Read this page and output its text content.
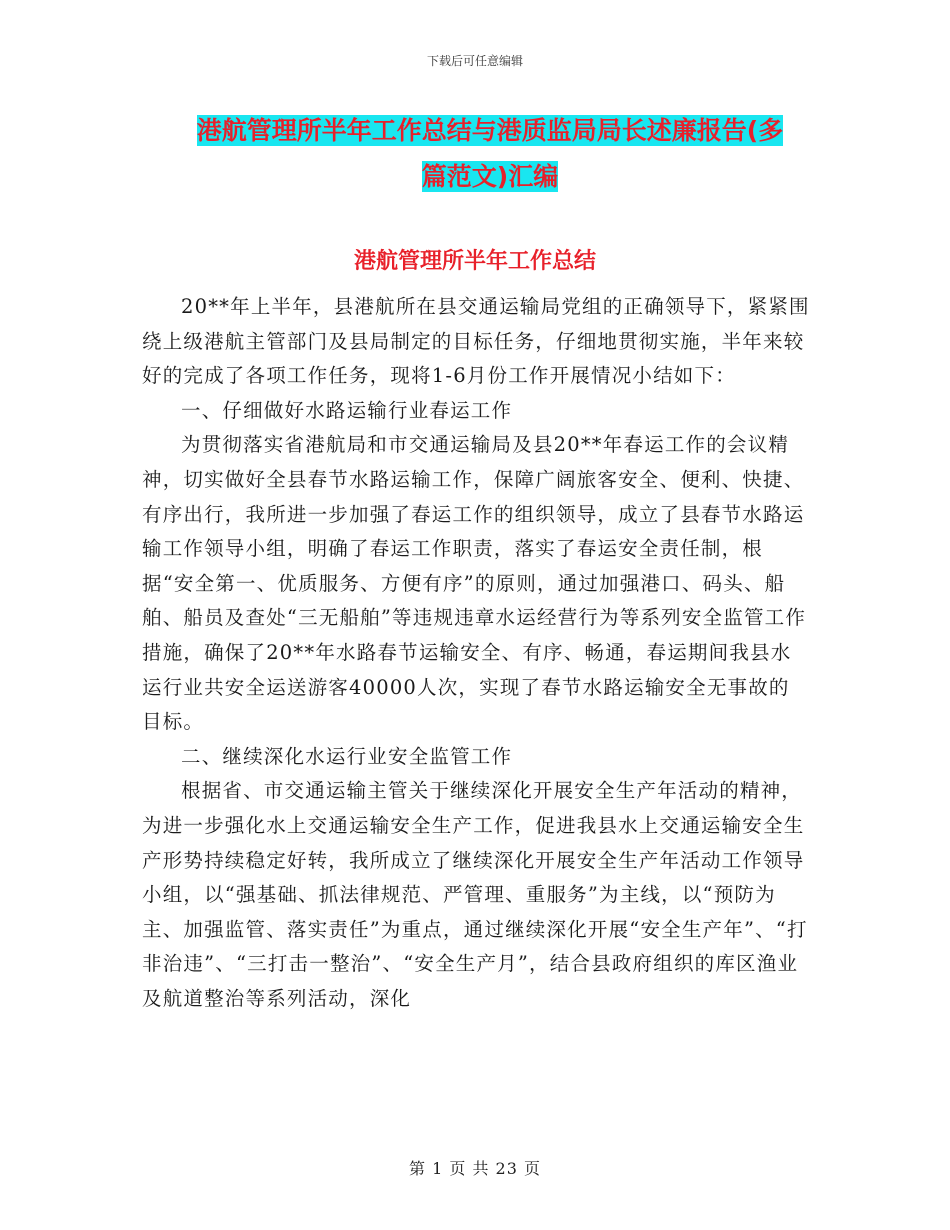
下载后可任意编辑
港航管理所半年工作总结与港质监局局长述廉报告(多
篇范文)汇编
港航管理所半年工作总结

20**年上半年，县港航所在县交通运输局党组的正确领导下，紧紧围绕上级港航主管部门及县局制定的目标任务，仔细地贯彻实施，半年来较好的完成了各项工作任务，现将1-6月份工作开展情况小结如下：

一、仔细做好水路运输行业春运工作

为贯彻落实省港航局和市交通运输局及县20**年春运工作的会议精神，切实做好全县春节水路运输工作，保障广阔旅客安全、便利、快捷、有序出行，我所进一步加强了春运工作的组织领导，成立了县春节水路运输工作领导小组，明确了春运工作职责，落实了春运安全责任制，根据“安全第一、优质服务、方便有序”的原则，通过加强港口、码头、船舶、船员及查处“三无船舶”等违规违章水运经营行为等系列安全监管工作措施，确保了20**年水路春节运输安全、有序、畅通，春运期间我县水运行业共安全运送游客40000人次，实现了春节水路运输安全无事故的目标。

二、继续深化水运行业安全监管工作

根据省、市交通运输主管关于继续深化开展安全生产年活动的精神，为进一步强化水上交通运输安全生产工作，促进我县水上交通运输安全生产形势持续稳定好转，我所成立了继续深化开展安全生产年活动工作领导小组，以“强基础、抓法律规范、严管理、重服务”为主线，以“预防为主、加强监管、落实责任”为重点，通过继续深化开展“安全生产年”、“打非治违”、“三打击一整治”、“安全生产月”，结合县政府组织的库区渔业及航道整治等系列活动，深化

第 1 页 共 23 页
